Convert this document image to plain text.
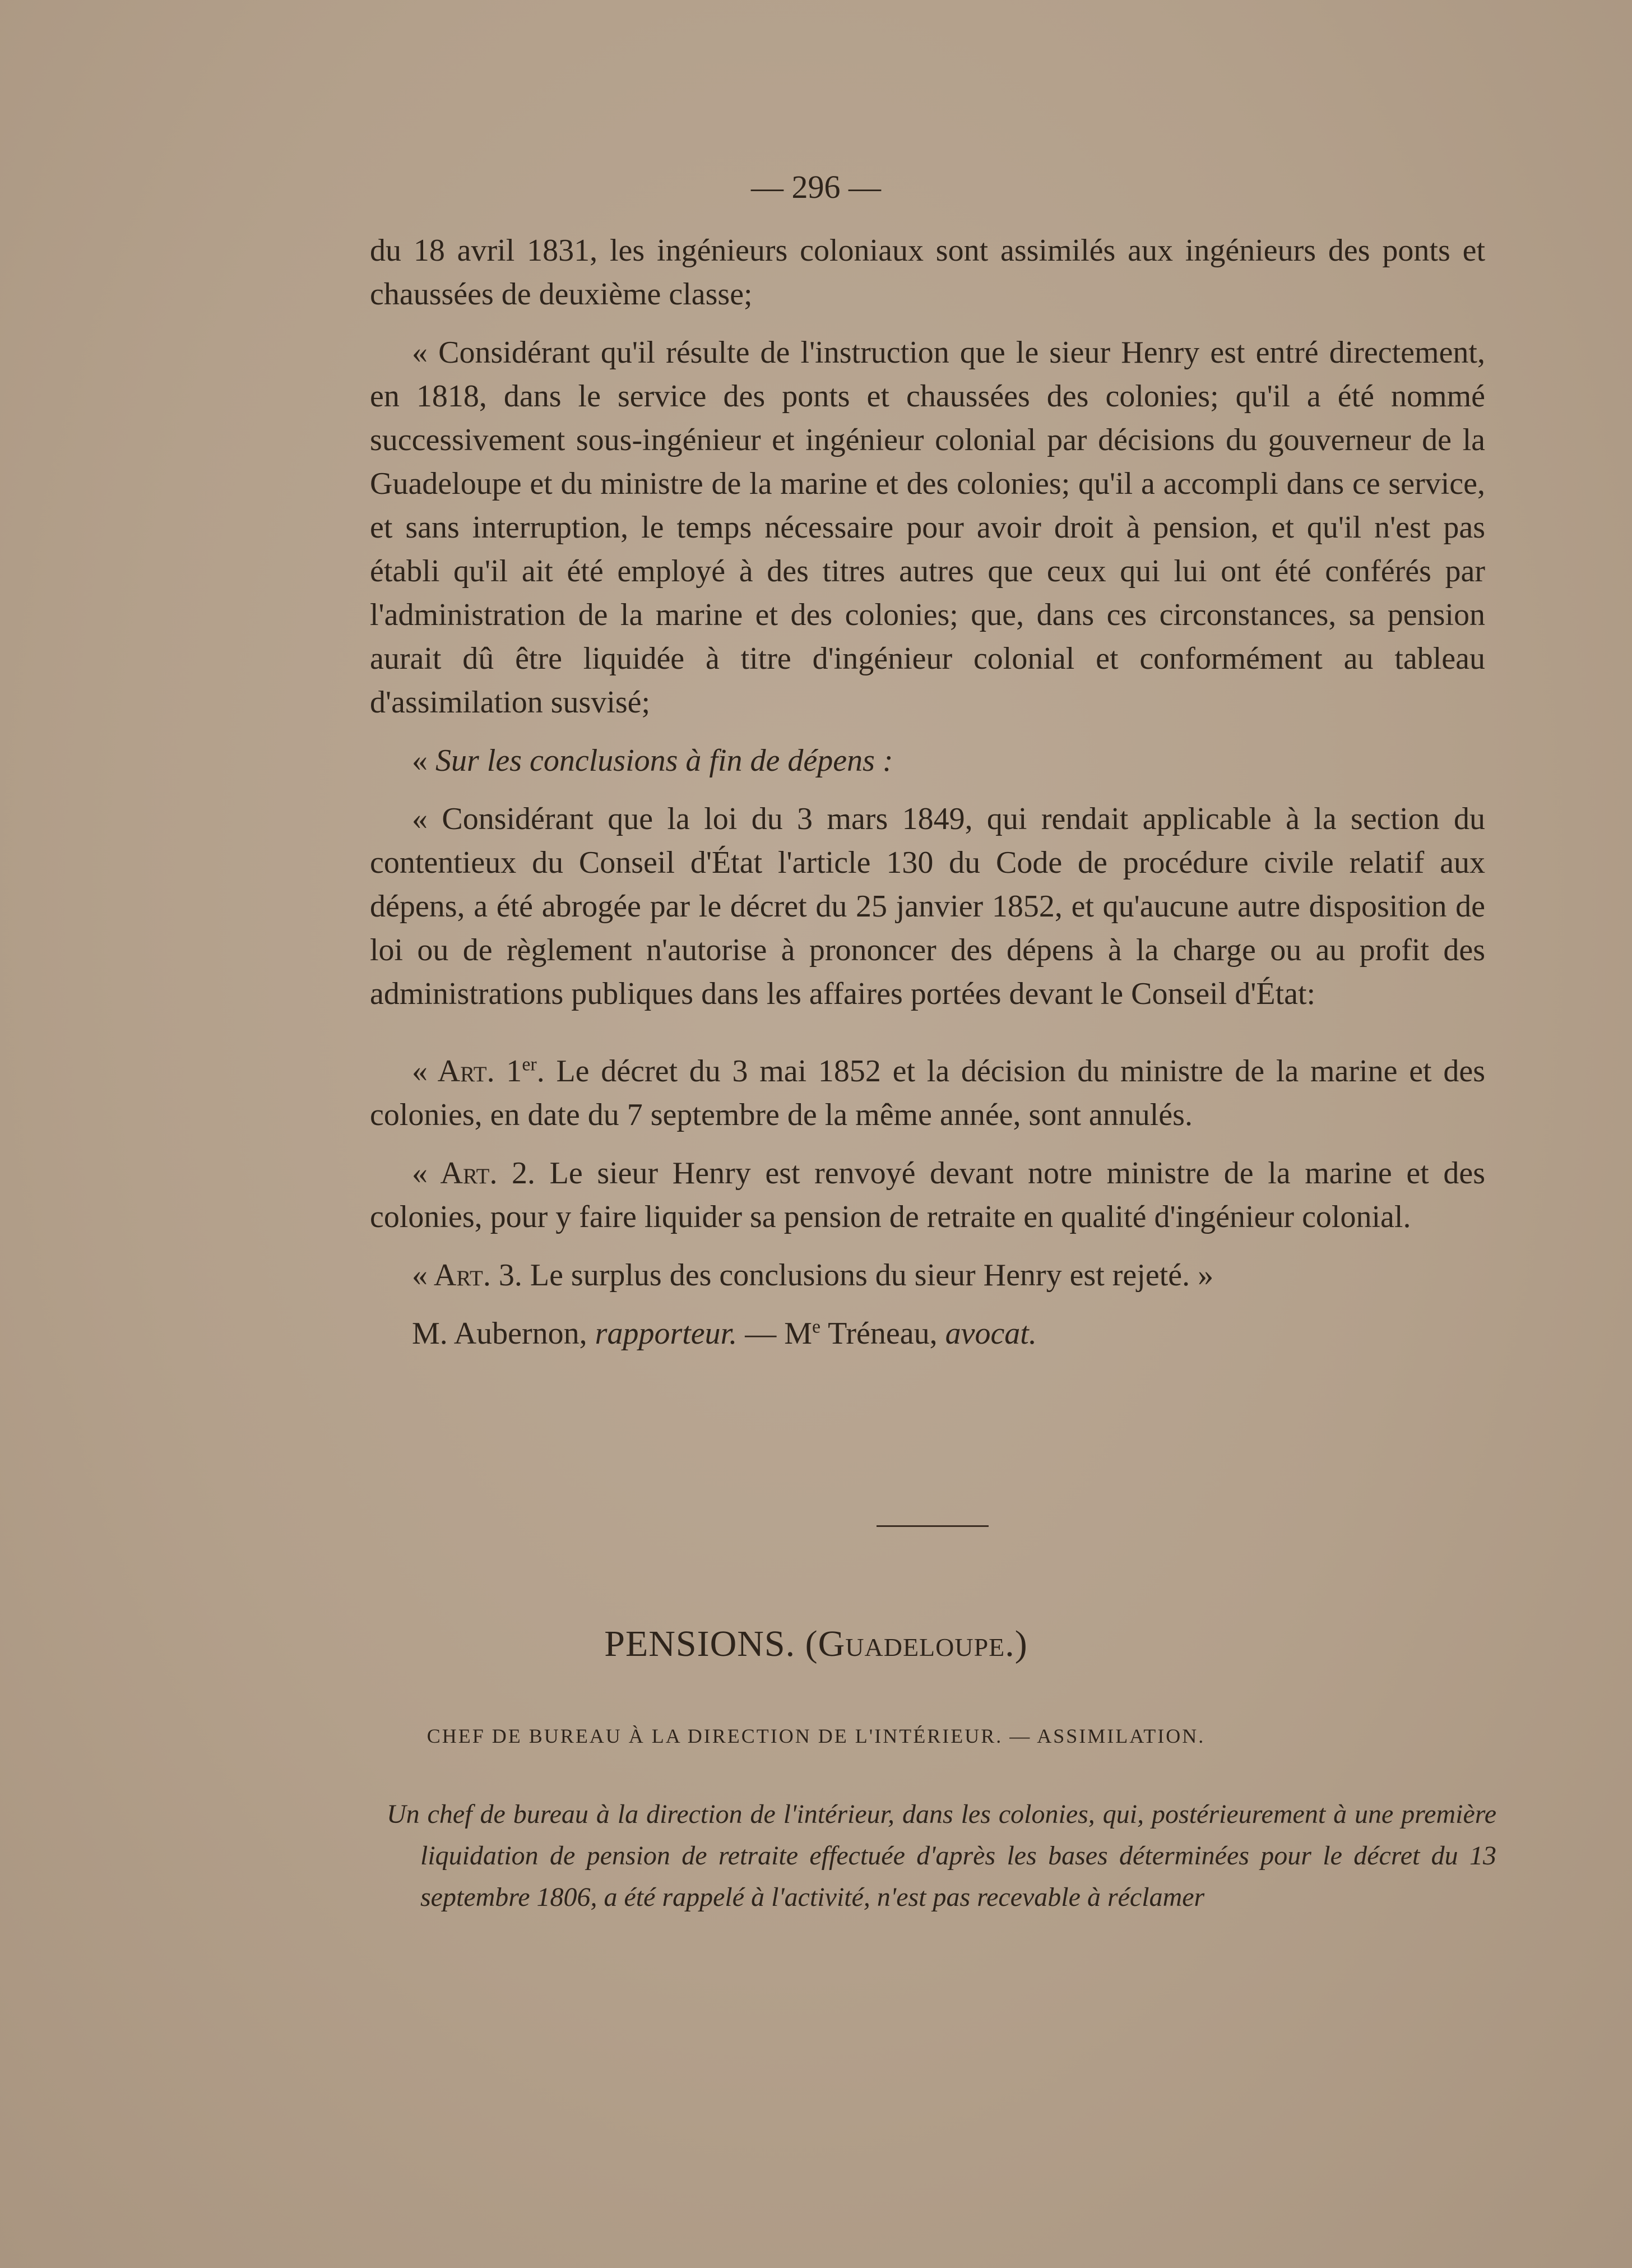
— 296 —

du 18 avril 1831, les ingénieurs coloniaux sont assimilés aux ingénieurs des ponts et chaussées de deuxième classe;

« Considérant qu'il résulte de l'instruction que le sieur Henry est entré directement, en 1818, dans le service des ponts et chaussées des colonies; qu'il a été nommé successivement sous-ingénieur et ingénieur colonial par décisions du gouverneur de la Guadeloupe et du ministre de la marine et des colonies; qu'il a accompli dans ce service, et sans interruption, le temps nécessaire pour avoir droit à pension, et qu'il n'est pas établi qu'il ait été employé à des titres autres que ceux qui lui ont été conférés par l'administration de la marine et des colonies; que, dans ces circonstances, sa pension aurait dû être liquidée à titre d'ingénieur colonial et conformément au tableau d'assimilation susvisé;

« Sur les conclusions à fin de dépens :

« Considérant que la loi du 3 mars 1849, qui rendait applicable à la section du contentieux du Conseil d'État l'article 130 du Code de procédure civile relatif aux dépens, a été abrogée par le décret du 25 janvier 1852, et qu'aucune autre disposition de loi ou de règlement n'autorise à prononcer des dépens à la charge ou au profit des administrations publiques dans les affaires portées devant le Conseil d'État:

« Art. 1er. Le décret du 3 mai 1852 et la décision du ministre de la marine et des colonies, en date du 7 septembre de la même année, sont annulés.

« Art. 2. Le sieur Henry est renvoyé devant notre ministre de la marine et des colonies, pour y faire liquider sa pension de retraite en qualité d'ingénieur colonial.

« Art. 3. Le surplus des conclusions du sieur Henry est rejeté. »

M. Aubernon, rapporteur. — Me Tréneau, avocat.

PENSIONS. (Guadeloupe.)
CHEF DE BUREAU À LA DIRECTION DE L'INTÉRIEUR. — ASSIMILATION.
Un chef de bureau à la direction de l'intérieur, dans les colonies, qui, postérieurement à une première liquidation de pension de retraite effectuée d'après les bases déterminées pour le décret du 13 septembre 1806, a été rappelé à l'activité, n'est pas recevable à réclamer
